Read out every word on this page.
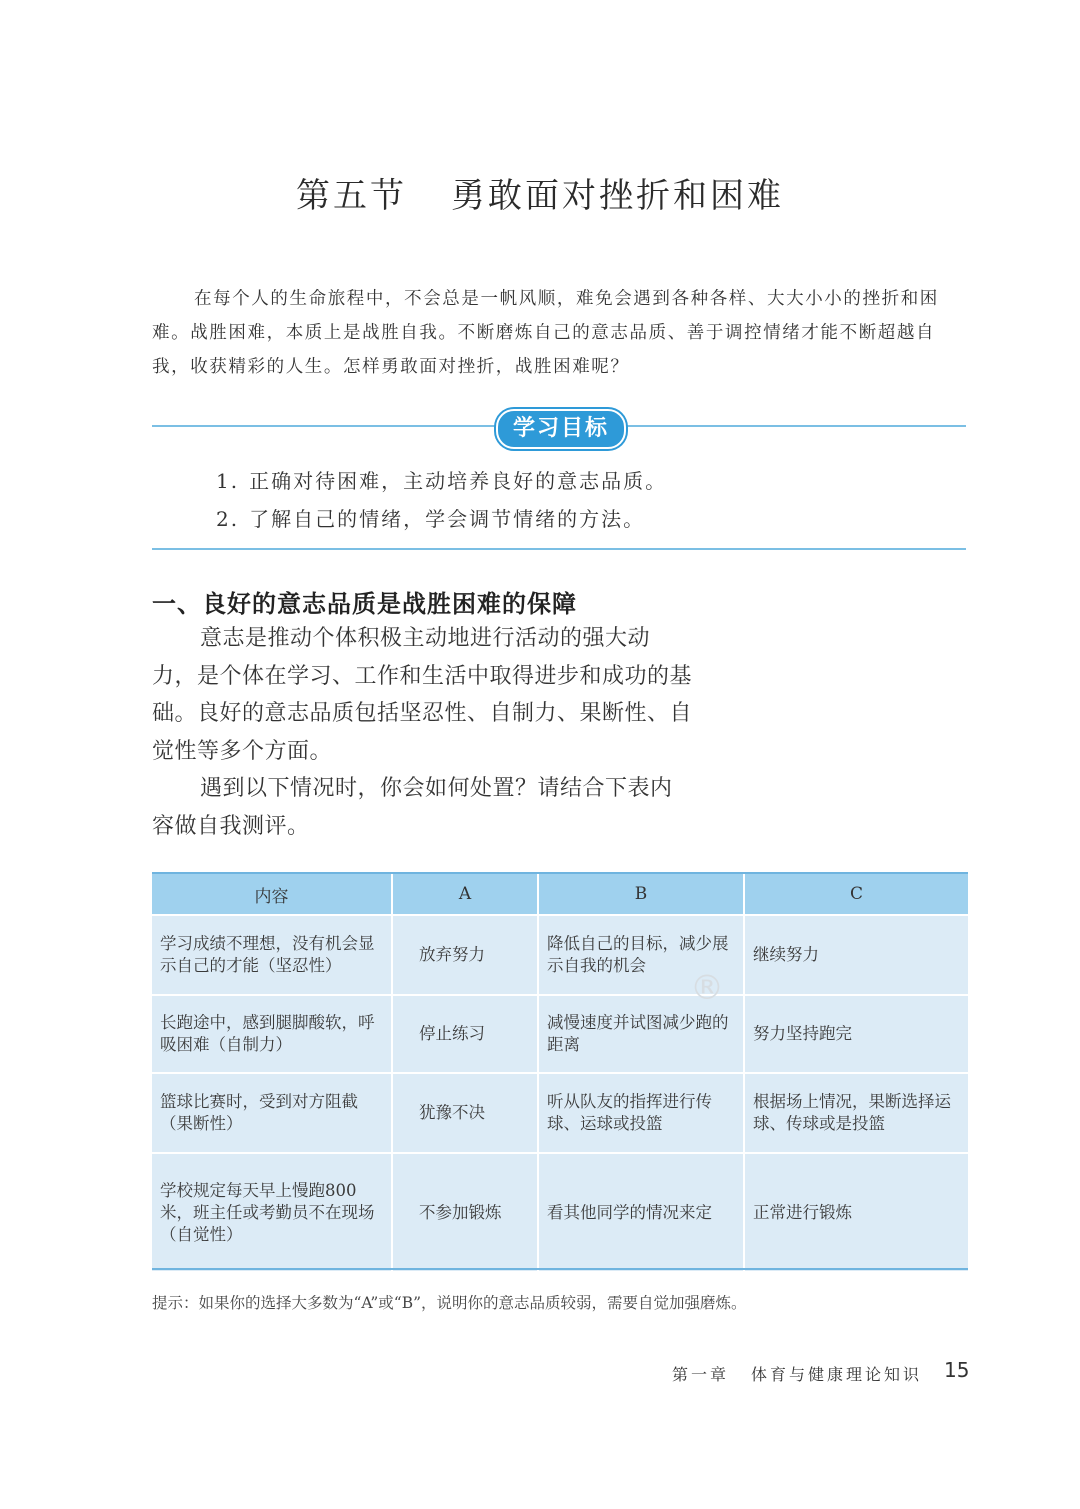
第五节 勇敢面对挫折和困难

在每个人的生命旅程中，不会总是一帆风顺，难免会遇到各种各样、大大小小的挫折和困难。战胜困难，本质上是战胜自我。不断磨炼自己的意志品质、善于调控情绪才能不断超越自我，收获精彩的人生。怎样勇敢面对挫折，战胜困难呢？

学习目标
1. 正确对待困难，主动培养良好的意志品质。
2. 了解自己的情绪，学会调节情绪的方法。
一、良好的意志品质是战胜困难的保障

意志是推动个体积极主动地进行活动的强大动力，是个体在学习、工作和生活中取得进步和成功的基础。良好的意志品质包括坚忍性、自制力、果断性、自觉性等多个方面。

遇到以下情况时，你会如何处置？请结合下表内容做自我测评。

内容	A	B	C
学习成绩不理想，没有机会显示自己的才能（坚忍性）	放弃努力	降低自己的目标，减少展示自我的机会	继续努力
长跑途中，感到腿脚酸软，呼吸困难（自制力）	停止练习	减慢速度并试图减少跑的距离	努力坚持跑完
篮球比赛时，受到对方阻截（果断性）	犹豫不决	听从队友的指挥进行传球、运球或投篮	根据场上情况，果断选择运球、传球或是投篮
学校规定每天早上慢跑800米，班主任或考勤员不在现场（自觉性）	不参加锻炼	看其他同学的情况来定	正常进行锻炼
®
提示：如果你的选择大多数为“A”或“B”，说明你的意志品质较弱，需要自觉加强磨炼。
第一章 体育与健康理论知识 15
